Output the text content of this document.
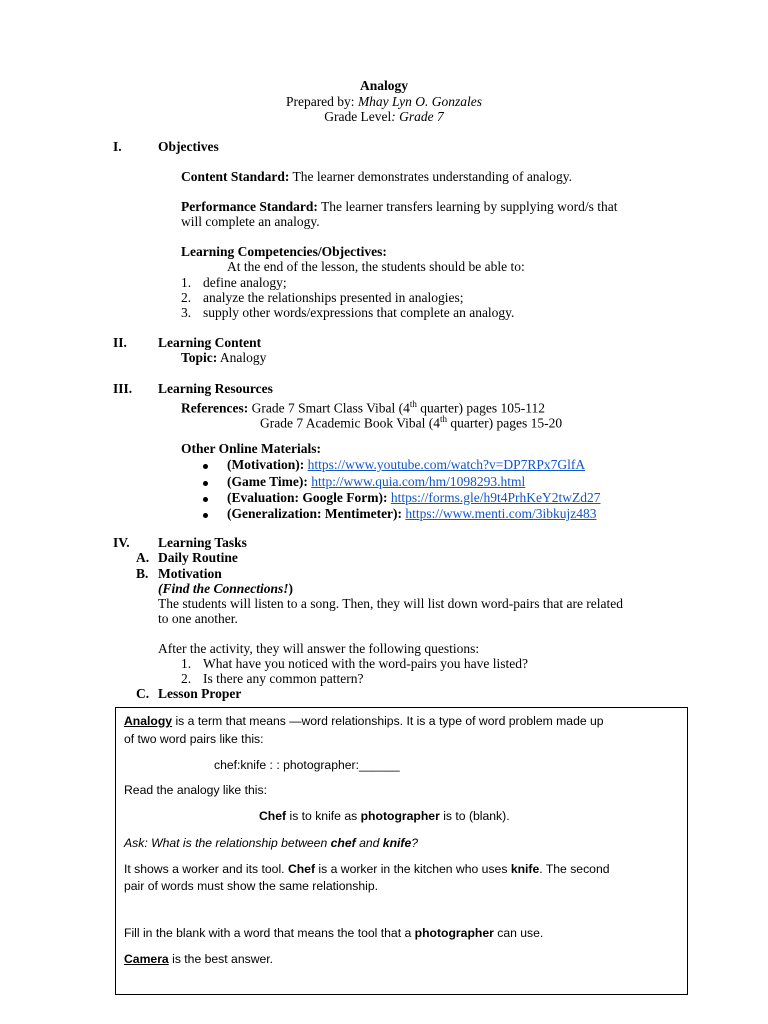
Analogy
Prepared by: Mhay Lyn O. Gonzales
Grade Level: Grade 7
I.	Objectives
Content Standard: The learner demonstrates understanding of analogy.
Performance Standard: The learner transfers learning by supplying word/s that
will complete an analogy.
Learning Competencies/Objectives:
At the end of the lesson, the students should be able to:
1. define analogy;
2. analyze the relationships presented in analogies;
3. supply other words/expressions that complete an analogy.
II. Learning Content
Topic: Analogy
III. Learning Resources
References: Grade 7 Smart Class Vibal (4th quarter) pages 105-112
Grade 7 Academic Book Vibal (4th quarter) pages 15-20
Other Online Materials:
(Motivation): https://www.youtube.com/watch?v=DP7RPx7GlfA
(Game Time): http://www.quia.com/hm/1098293.html
(Evaluation: Google Form): https://forms.gle/h9t4PrhKeY2twZd27
(Generalization: Mentimeter): https://www.menti.com/3ibkujz483
IV. Learning Tasks
A. Daily Routine
B. Motivation
(Find the Connections!)
The students will listen to a song. Then, they will list down word-pairs that are related
to one another.
After the activity, they will answer the following questions:
1. What have you noticed with the word-pairs you have listed?
2. Is there any common pattern?
C. Lesson Proper
Analogy is a term that means —word relationships. It is a type of word problem made up
of two word pairs like this:
chef:knife : : photographer:______
Read the analogy like this:
Chef is to knife as photographer is to (blank).
Ask: What is the relationship between chef and knife?
It shows a worker and its tool. Chef is a worker in the kitchen who uses knife. The second
pair of words must show the same relationship.
Fill in the blank with a word that means the tool that a photographer can use.
Camera is the best answer.
